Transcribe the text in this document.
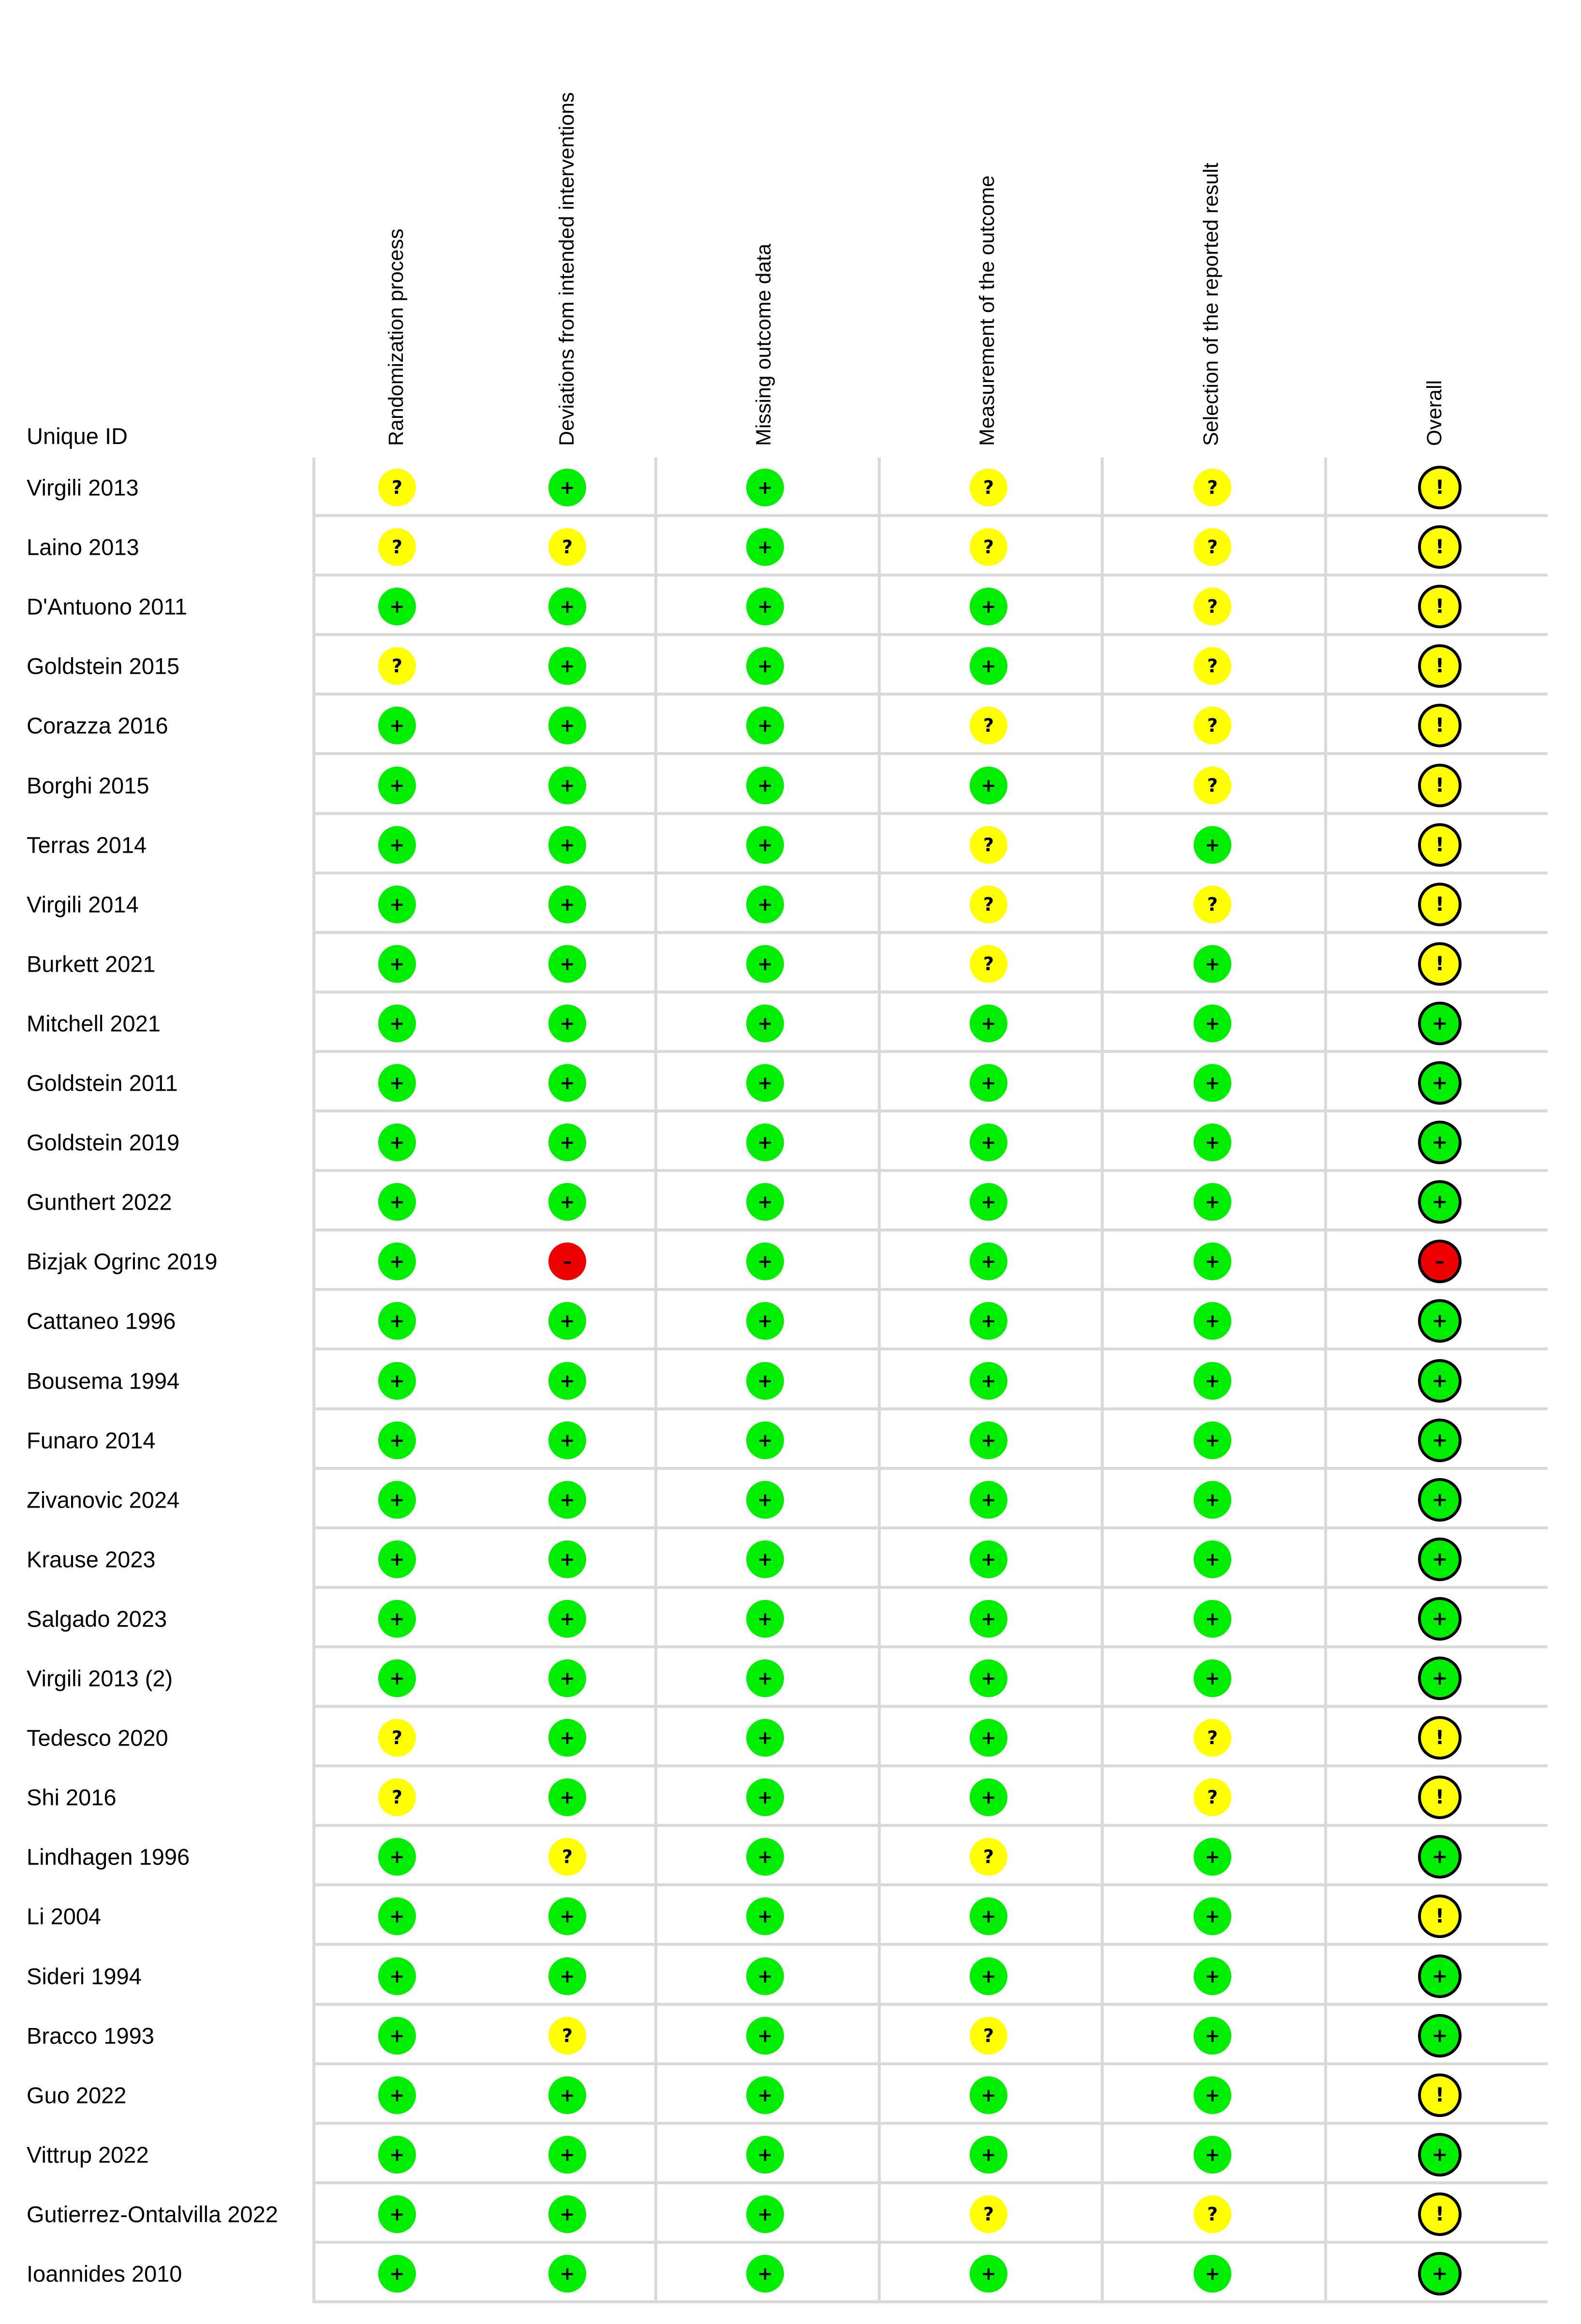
Unique ID	Randomization process	Deviations from intended interventions	Missing outcome data	Measurement of the outcome	Selection of the reported result	Overall
Virgili 2013	?	+	+	?	?	!
Laino 2013	?	?	+	?	?	!
D'Antuono 2011	+	+	+	+	?	!
Goldstein 2015	?	+	+	+	?	!
Corazza 2016	+	+	+	?	?	!
Borghi 2015	+	+	+	+	?	!
Terras 2014	+	+	+	?	+	!
Virgili 2014	+	+	+	?	?	!
Burkett 2021	+	+	+	?	+	!
Mitchell 2021	+	+	+	+	+	+
Goldstein 2011	+	+	+	+	+	+
Goldstein 2019	+	+	+	+	+	+
Gunthert 2022	+	+	+	+	+	+
Bizjak Ogrinc 2019	+	–	+	+	+	–
Cattaneo 1996	+	+	+	+	+	+
Bousema 1994	+	+	+	+	+	+
Funaro 2014	+	+	+	+	+	+
Zivanovic 2024	+	+	+	+	+	+
Krause 2023	+	+	+	+	+	+
Salgado 2023	+	+	+	+	+	+
Virgili 2013 (2)	+	+	+	+	+	+
Tedesco 2020	?	+	+	+	?	!
Shi 2016	?	+	+	+	?	!
Lindhagen 1996	+	?	+	?	+	+
Li 2004	+	+	+	+	+	!
Sideri 1994	+	+	+	+	+	+
Bracco 1993	+	?	+	?	+	+
Guo 2022	+	+	+	+	+	!
Vittrup 2022	+	+	+	+	+	+
Gutierrez-Ontalvilla 2022	+	+	+	?	?	!
Ioannides 2010	+	+	+	+	+	+
